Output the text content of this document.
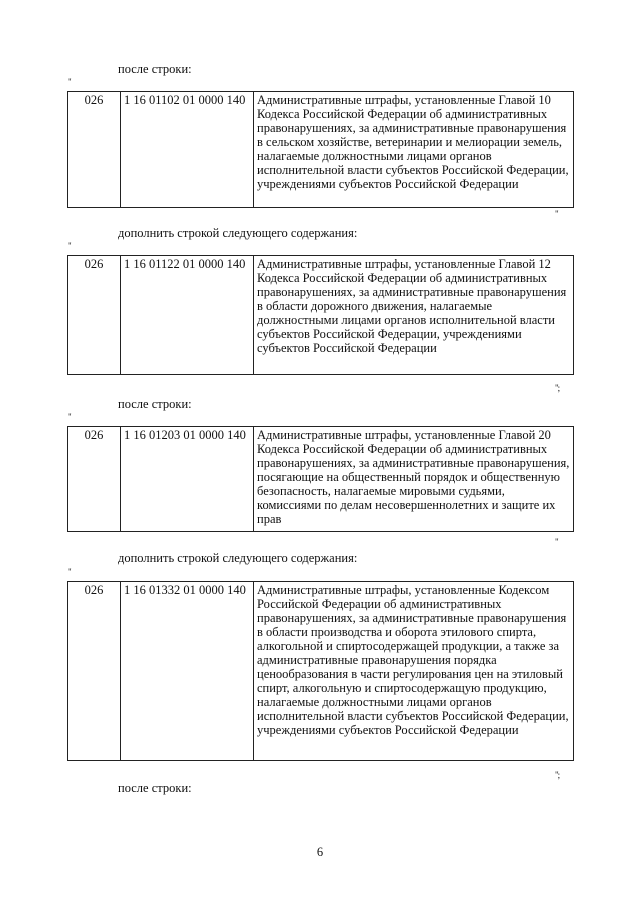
после строки:
"
026	1 16 01102 01 0000 140	Административные штрафы, установленные Главой 10 Кодекса Российской Федерации об административных правонарушениях, за административные правонарушения в сельском хозяйстве, ветеринарии и мелиорации земель, налагаемые должностными лицами органов исполнительной власти субъектов Российской Федерации, учреждениями субъектов Российской Федерации
"
дополнить строкой следующего содержания:
"
026	1 16 01122 01 0000 140	Административные штрафы, установленные Главой 12 Кодекса Российской Федерации об административных правонарушениях, за административные правонарушения в области дорожного движения, налагаемые должностными лицами органов исполнительной власти субъектов Российской Федерации, учреждениями субъектов Российской Федерации
";
после строки:
"
026	1 16 01203 01 0000 140	Административные штрафы, установленные Главой 20 Кодекса Российской Федерации об административных правонарушениях, за административные правонарушения, посягающие на общественный порядок и общественную безопасность, налагаемые мировыми судьями, комиссиями по делам несовершеннолетних и защите их прав
"
дополнить строкой следующего содержания:
"
026	1 16 01332 01 0000 140	Административные штрафы, установленные Кодексом Российской Федерации об административных правонарушениях, за административные правонарушения в области производства и оборота этилового спирта, алкогольной и спиртосодержащей продукции, а также за административные правонарушения порядка ценообразования в части регулирования цен на этиловый спирт, алкогольную и спиртосодержащую продукцию, налагаемые должностными лицами органов исполнительной власти субъектов Российской Федерации, учреждениями субъектов Российской Федерации
";
после строки:
6
